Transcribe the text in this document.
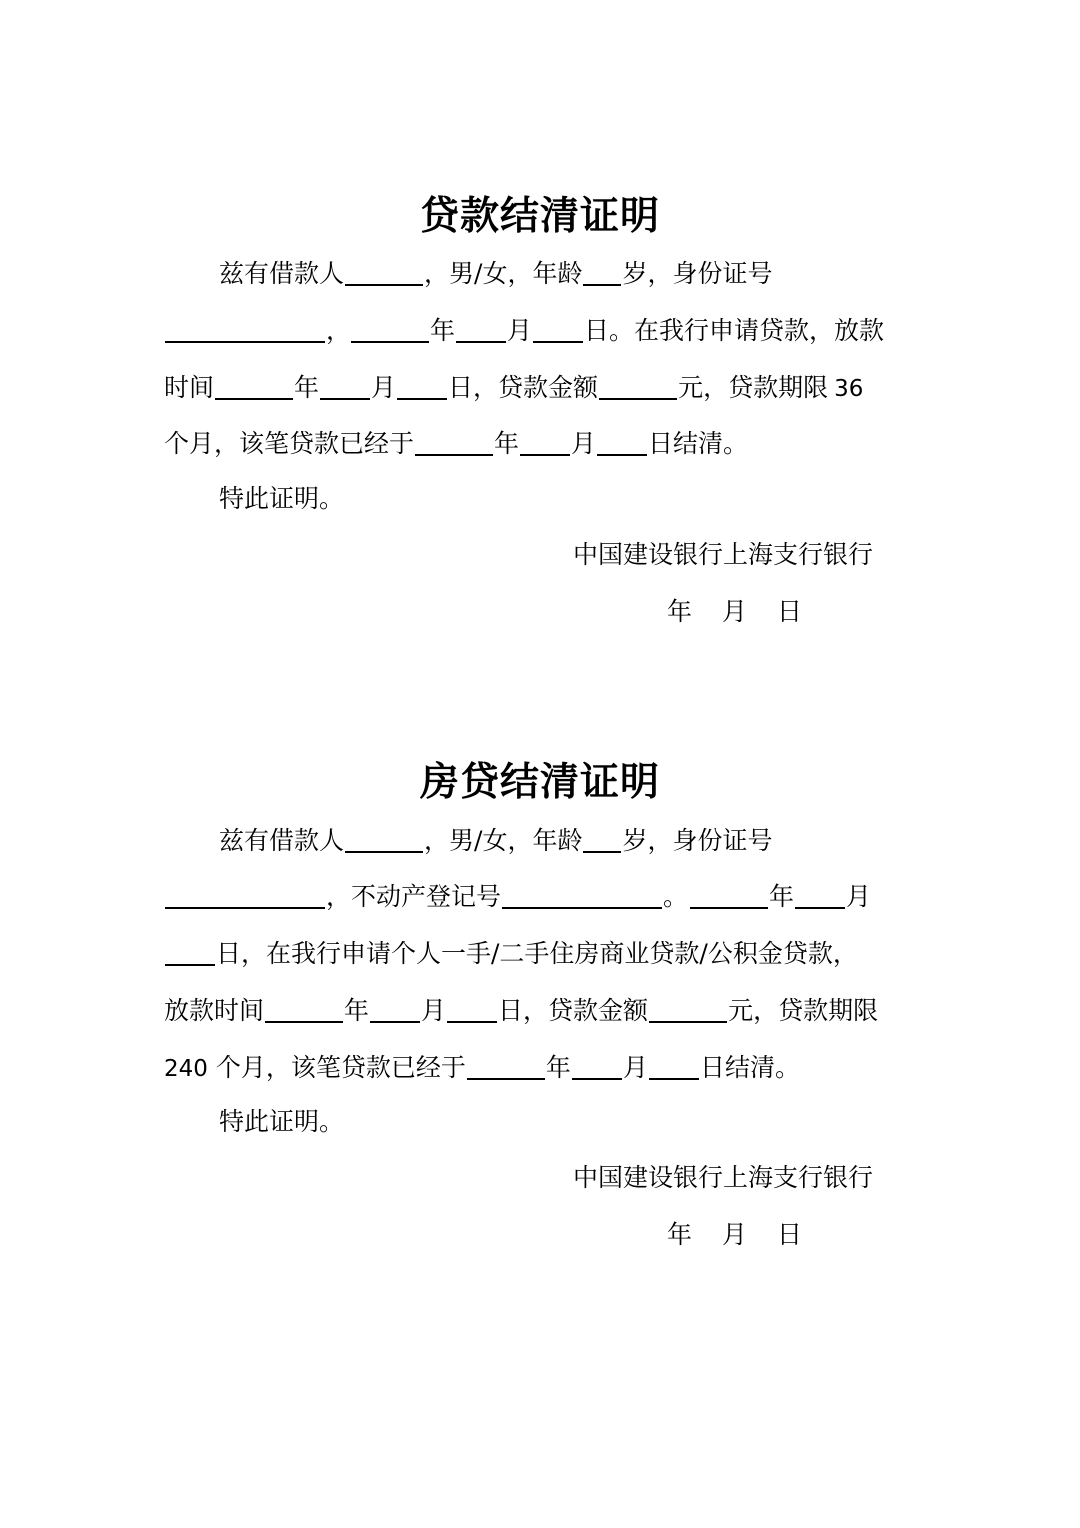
贷款结清证明
兹有借款人	，男/女，年龄 岁，身份证号
，	年 月 日。在我行申请贷款，放款
时间	年 月 日，贷款金额	元，贷款期限 36
个月，该笔贷款已经于	年 月 日结清。
特此证明。
中国建设银行上海支行银行
年	月	日
房贷结清证明
兹有借款人	，男/女，年龄 岁，身份证号
，不动产登记号	。	年 月
日，在我行申请个人一手/二手住房商业贷款/公积金贷款，
放款时间	年 月 日，贷款金额	元，贷款期限
240 个月，该笔贷款已经于	年 月 日结清。
特此证明。
中国建设银行上海支行银行
年	月	日
